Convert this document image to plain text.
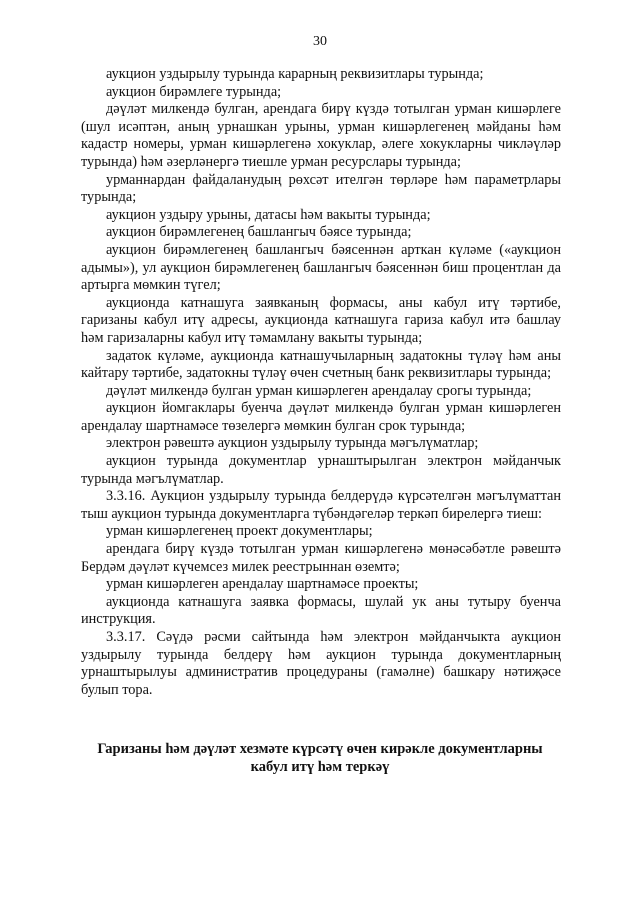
30

аукцион уздырылу турында карарның реквизитлары турында;

аукцион бирәмлеге турында;

дәүләт милкендә булган, арендага бирү күздә тотылган урман кишәрлеге (шул исәптән, аның урнашкан урыны, урман кишәрлегенең мәйданы һәм кадастр номеры, урман кишәрлегенә хокуклар, әлеге хокукларны чикләүләр турында) һәм әзерләнергә тиешле урман ресурслары турында;

урманнардан файдаланудың рөхсәт ителгән төрләре һәм параметрлары турында;

аукцион уздыру урыны, датасы һәм вакыты турында;

аукцион бирәмлегенең башлангыч бәясе турында;

аукцион бирәмлегенең башлангыч бәясеннән арткан күләме («аукцион адымы»), ул аукцион бирәмлегенең башлангыч бәясеннән биш процентлан да артырга мөмкин түгел;

аукционда катнашуга заявканың формасы, аны кабул итү тәртибе, гаризаны кабул итү адресы, аукционда катнашуга гариза кабул итә башлау һәм гаризаларны кабул итү тәмамлану вакыты турында;

задаток күләме, аукционда катнашучыларның задатокны түләү һәм аны кайтару тәртибе, задатокны түләү өчен счетның банк реквизитлары турында;

дәүләт милкендә булган урман кишәрлеген арендалау срогы турында;

аукцион йомгаклары буенча дәүләт милкендә булган урман кишәрлеген арендалау шартнамәсе төзелергә мөмкин булган срок турында;

электрон рәвештә аукцион уздырылу турында мәгълүматлар;

аукцион турында документлар урнаштырылган электрон мәйданчык турында мәгълүматлар.

3.3.16. Аукцион уздырылу турында белдерүдә күрсәтелгән мәгълүматтан тыш аукцион турында документларга түбәндәгеләр теркәп бирелергә тиеш:

урман кишәрлегенең проект документлары;

арендага бирү күздә тотылган урман кишәрлегенә мөнәсәбәтле рәвештә Бердәм дәүләт күчемсез милек реестрыннан өземтә;

урман кишәрлеген арендалау шартнамәсе проекты;

аукционда катнашуга заявка формасы, шулай ук аны тутыру буенча инструкция.

3.3.17. Сәүдә рәсми сайтында һәм электрон мәйданчыкта аукцион уздырылу турында белдерү һәм аукцион турында документларның урнаштырылуы административ процедураны (гамәлне) башкару нәтиҗәсе булып тора.

Гаризаны һәм дәүләт хезмәте күрсәтү өчен кирәкле документларны
кабул итү һәм теркәү
